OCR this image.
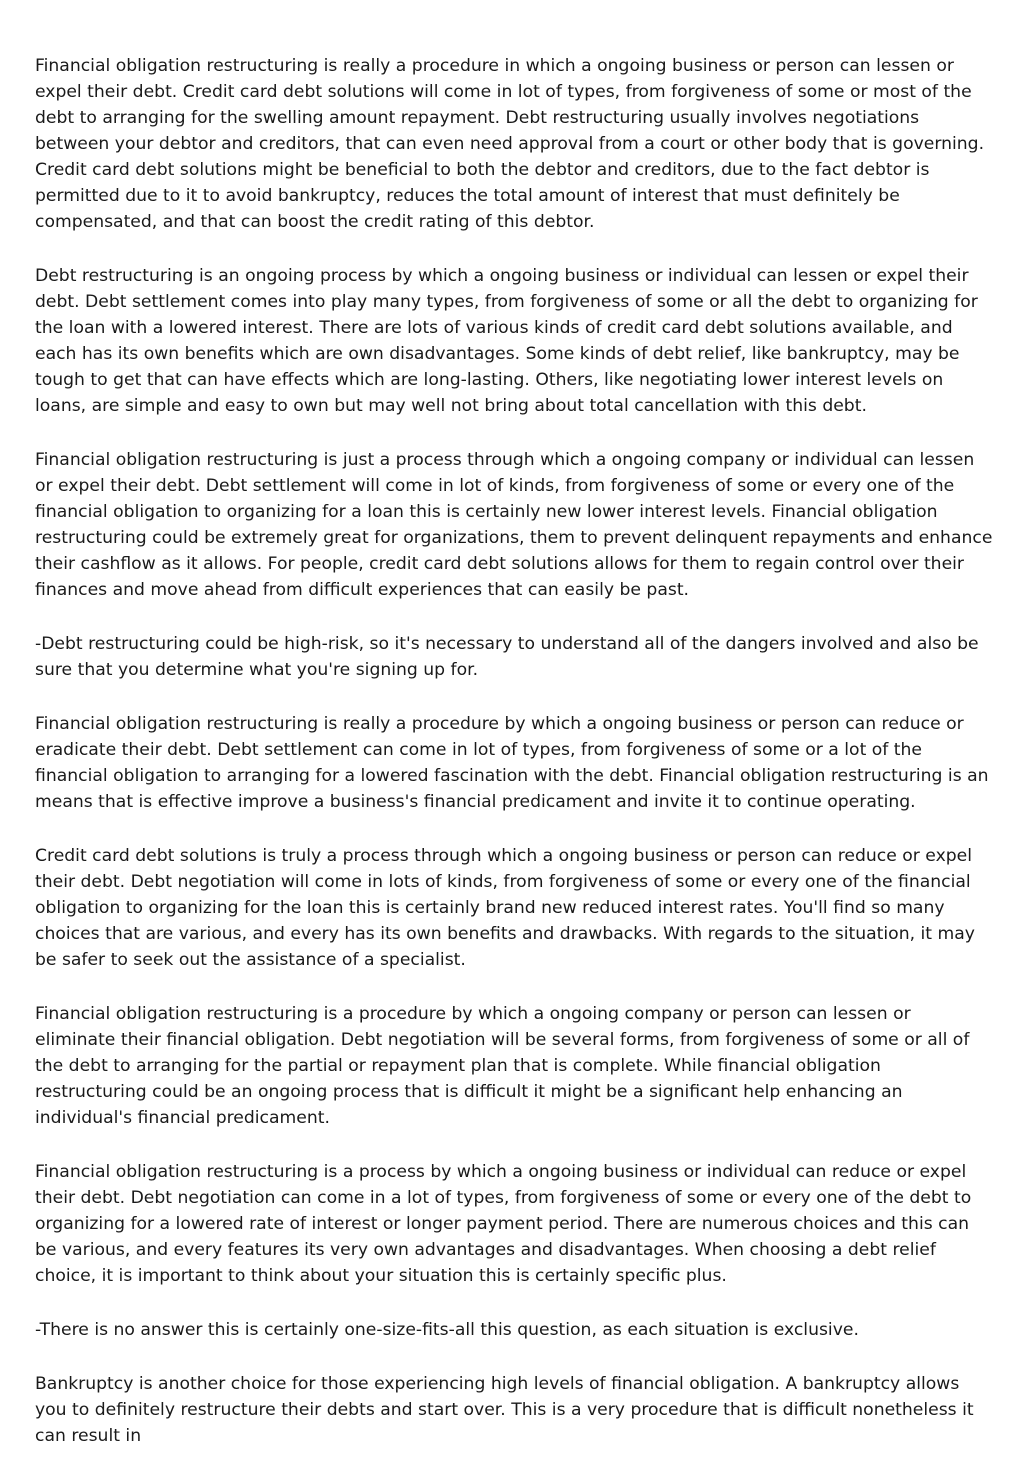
Financial obligation restructuring is really a procedure in which a ongoing business or person can lessen or expel their debt. Credit card debt solutions will come in lot of types, from forgiveness of some or most of the debt to arranging for the swelling amount repayment. Debt restructuring usually involves negotiations between your debtor and creditors, that can even need approval from a court or other body that is governing. Credit card debt solutions might be beneficial to both the debtor and creditors, due to the fact debtor is permitted due to it to avoid bankruptcy, reduces the total amount of interest that must definitely be compensated, and that can boost the credit rating of this debtor.

Debt restructuring is an ongoing process by which a ongoing business or individual can lessen or expel their debt. Debt settlement comes into play many types, from forgiveness of some or all the debt to organizing for the loan with a lowered interest. There are lots of various kinds of credit card debt solutions available, and each has its own benefits which are own disadvantages. Some kinds of debt relief, like bankruptcy, may be tough to get that can have effects which are long-lasting. Others, like negotiating lower interest levels on loans, are simple and easy to own but may well not bring about total cancellation with this debt.

Financial obligation restructuring is just a process through which a ongoing company or individual can lessen or expel their debt. Debt settlement will come in lot of kinds, from forgiveness of some or every one of the financial obligation to organizing for a loan this is certainly new lower interest levels. Financial obligation restructuring could be extremely great for organizations, them to prevent delinquent repayments and enhance their cashflow as it allows. For people, credit card debt solutions allows for them to regain control over their finances and move ahead from difficult experiences that can easily be past.

-Debt restructuring could be high-risk, so it's necessary to understand all of the dangers involved and also be sure that you determine what you're signing up for.

Financial obligation restructuring is really a procedure by which a ongoing business or person can reduce or eradicate their debt. Debt settlement can come in lot of types, from forgiveness of some or a lot of the financial obligation to arranging for a lowered fascination with the debt. Financial obligation restructuring is an means that is effective improve a business's financial predicament and invite it to continue operating.

Credit card debt solutions is truly a process through which a ongoing business or person can reduce or expel their debt. Debt negotiation will come in lots of kinds, from forgiveness of some or every one of the financial obligation to organizing for the loan this is certainly brand new reduced interest rates. You'll find so many choices that are various, and every has its own benefits and drawbacks. With regards to the situation, it may be safer to seek out the assistance of a specialist.

Financial obligation restructuring is a procedure by which a ongoing company or person can lessen or eliminate their financial obligation. Debt negotiation will be several forms, from forgiveness of some or all of the debt to arranging for the partial or repayment plan that is complete. While financial obligation restructuring could be an ongoing process that is difficult it might be a significant help enhancing an individual's financial predicament.

Financial obligation restructuring is a process by which a ongoing business or individual can reduce or expel their debt. Debt negotiation can come in a lot of types, from forgiveness of some or every one of the debt to organizing for a lowered rate of interest or longer payment period. There are numerous choices and this can be various, and every features its very own advantages and disadvantages. When choosing a debt relief choice, it is important to think about your situation this is certainly specific plus.

-There is no answer this is certainly one-size-fits-all this question, as each situation is exclusive.

Bankruptcy is another choice for those experiencing high levels of financial obligation. A bankruptcy allows you to definitely restructure their debts and start over. This is a very procedure that is difficult nonetheless it can result in
